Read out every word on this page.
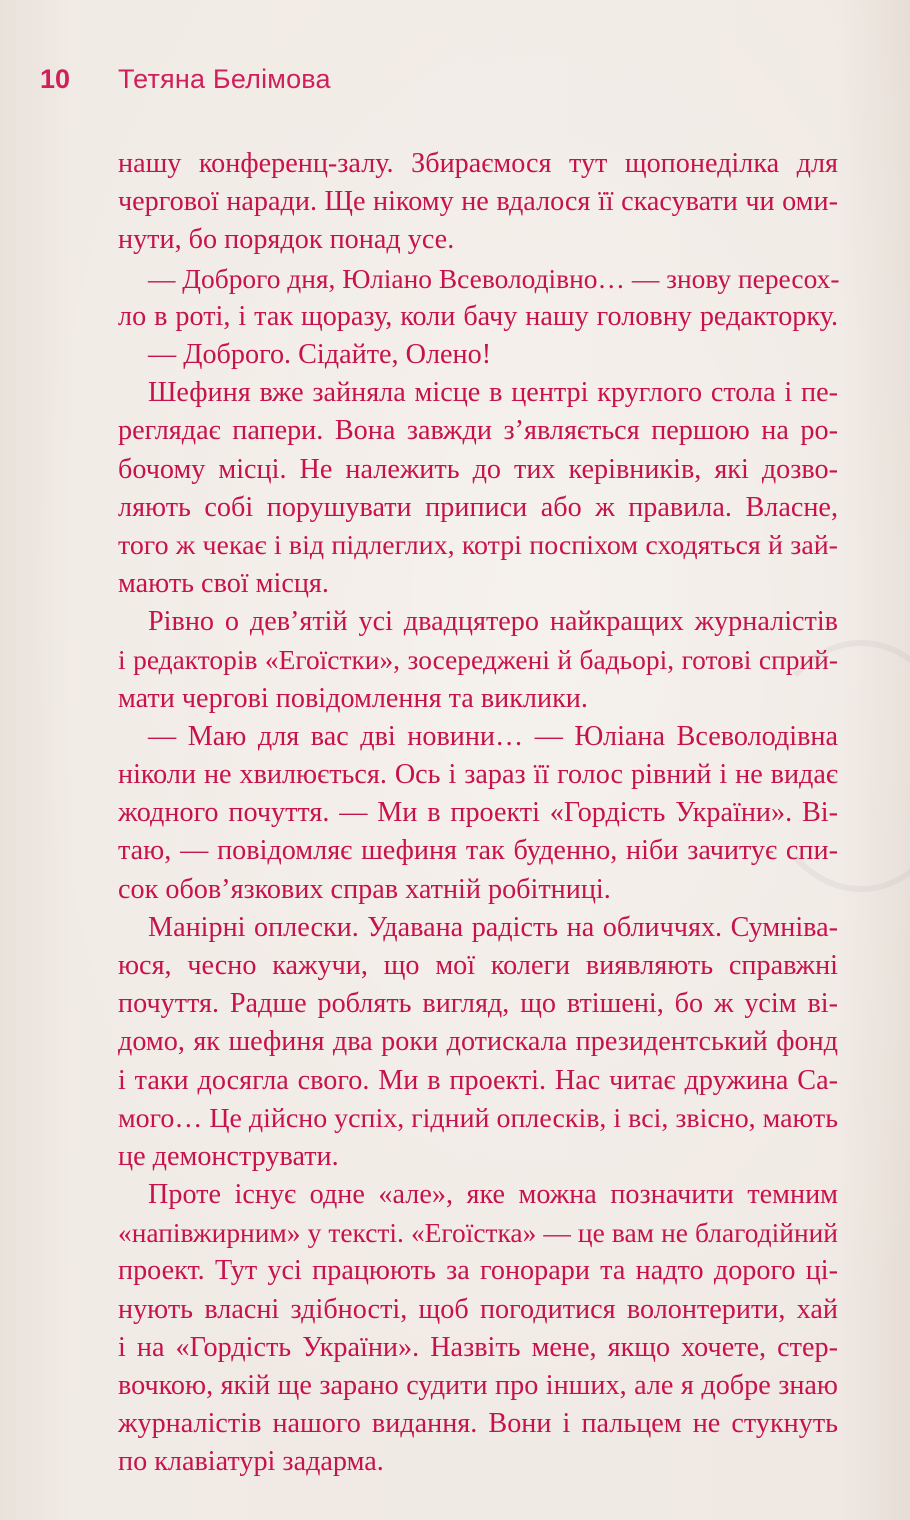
10	Тетяна Белімова
нашу конференц-залу. Збираємося тут щопонеділка для
чергової наради. Ще нікому не вдалося її скасувати чи оми-
нути, бо порядок понад усе.
— Доброго дня, Юліано Всеволодівно… — знову пересох-
ло в роті, і так щоразу, коли бачу нашу головну редакторку.
— Доброго. Сідайте, Олено!
Шефиня вже зайняла місце в центрі круглого стола і пе-
реглядає папери. Вона завжди з’являється першою на ро-
бочому місці. Не належить до тих керівників, які дозво-
ляють собі порушувати приписи або ж правила. Власне,
того ж чекає і від підлеглих, котрі поспіхом сходяться й зай-
мають свої місця.
Рівно о дев’ятій усі двадцятеро найкращих журналістів
і редакторів «Егоїстки», зосереджені й бадьорі, готові сприй-
мати чергові повідомлення та виклики.
— Маю для вас дві новини… — Юліана Всеволодівна
ніколи не хвилюється. Ось і зараз її голос рівний і не видає
жодного почуття. — Ми в проекті «Гордість України». Ві-
таю, — повідомляє шефиня так буденно, ніби зачитує спи-
сок обов’язкових справ хатній робітниці.
Манірні оплески. Удавана радість на обличчях. Сумніва-
юся, чесно кажучи, що мої колеги виявляють справжні
почуття. Радше роблять вигляд, що втішені, бо ж усім ві-
домо, як шефиня два роки дотискала президентський фонд
і таки досягла свого. Ми в проекті. Нас читає дружина Са-
мого… Це дійсно успіх, гідний оплесків, і всі, звісно, мають
це демонструвати.
Проте існує одне «але», яке можна позначити темним
«напівжирним» у тексті. «Егоїстка» — це вам не благодійний
проект. Тут усі працюють за гонорари та надто дорого ці-
нують власні здібності, щоб погодитися волонтерити, хай
і на «Гордість України». Назвіть мене, якщо хочете, стер-
вочкою, якій ще зарано судити про інших, але я добре знаю
журналістів нашого видання. Вони і пальцем не стукнуть
по клавіатурі задарма.
